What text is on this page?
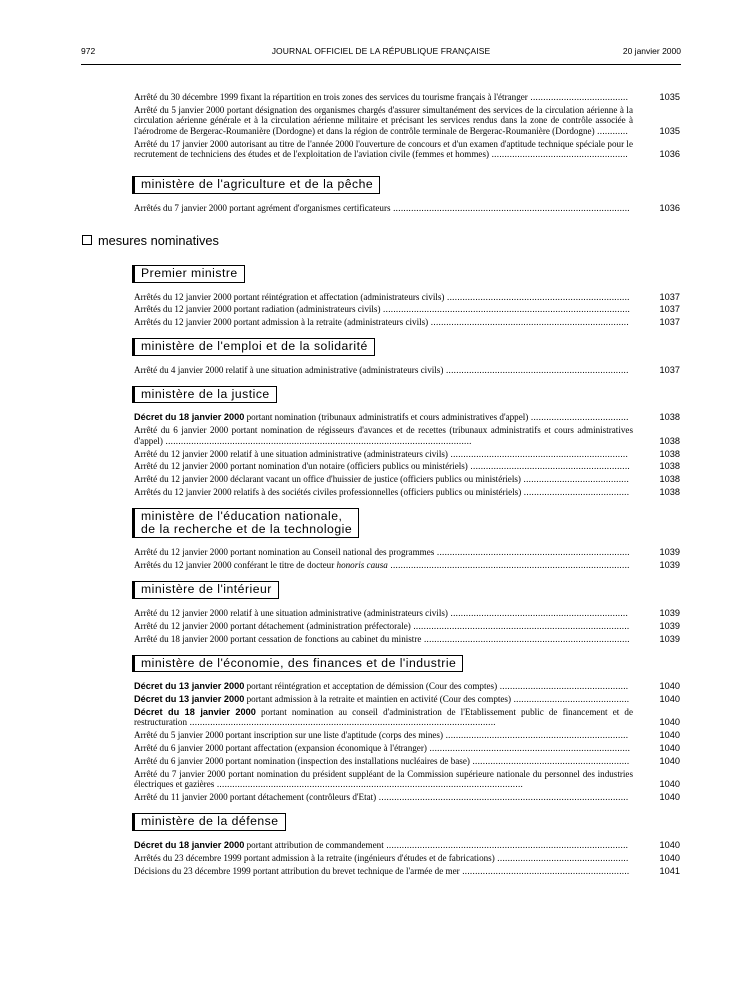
972	JOURNAL OFFICIEL DE LA RÉPUBLIQUE FRANÇAISE	20 janvier 2000
Arrêté du 30 décembre 1999 fixant la répartition en trois zones des services du tourisme français à l'étranger ......................................	1035
Arrêté du 5 janvier 2000 portant désignation des organismes chargés d'assurer simultanément des services de la circulation aérienne à la circulation aérienne générale et à la circulation aérienne militaire et précisant les services rendus dans la zone de contrôle associée à l'aérodrome de Bergerac-Roumanière (Dordogne) et dans la région de contrôle terminale de Bergerac-Roumanière (Dordogne) ............	1035
Arrêté du 17 janvier 2000 autorisant au titre de l'année 2000 l'ouverture de concours et d'un examen d'aptitude technique spéciale pour le recrutement de techniciens des études et de l'exploitation de l'aviation civile (femmes et hommes) .....................................................	1036
ministère de l'agriculture et de la pêche
Arrêtés du 7 janvier 2000 portant agrément d'organismes certificateurs ............................................................................................	1036
mesures nominatives
Premier ministre
Arrêtés du 12 janvier 2000 portant réintégration et affectation (administrateurs civils) .......................................................................	1037
Arrêtés du 12 janvier 2000 portant radiation (administrateurs civils) ................................................................................................	1037
Arrêtés du 12 janvier 2000 portant admission à la retraite (administrateurs civils) .............................................................................	1037
ministère de l'emploi et de la solidarité
Arrêté du 4 janvier 2000 relatif à une situation administrative (administrateurs civils) .......................................................................	1037
ministère de la justice
Décret du 18 janvier 2000 portant nomination (tribunaux administratifs et cours administratives d'appel) ......................................	1038
Arrêté du 6 janvier 2000 portant nomination de régisseurs d'avances et de recettes (tribunaux administratifs et cours administratives d'appel) .......................................................................................................................	1038
Arrêté du 12 janvier 2000 relatif à une situation administrative (administrateurs civils) .....................................................................	1038
Arrêté du 12 janvier 2000 portant nomination d'un notaire (officiers publics ou ministériels) ..............................................................	1038
Arrêté du 12 janvier 2000 déclarant vacant un office d'huissier de justice (officiers publics ou ministériels) .........................................	1038
Arrêtés du 12 janvier 2000 relatifs à des sociétés civiles professionnelles (officiers publics ou ministériels) .........................................	1038
ministère de l'éducation nationale,
de la recherche et de la technologie
Arrêté du 12 janvier 2000 portant nomination au Conseil national des programmes ...........................................................................	1039
Arrêtés du 12 janvier 2000 conférant le titre de docteur honoris causa .............................................................................................	1039
ministère de l'intérieur
Arrêté du 12 janvier 2000 relatif à une situation administrative (administrateurs civils) .....................................................................	1039
Arrêté du 12 janvier 2000 portant détachement (administration préfectorale) ....................................................................................	1039
Arrêté du 18 janvier 2000 portant cessation de fonctions au cabinet du ministre ................................................................................	1039
ministère de l'économie, des finances et de l'industrie
Décret du 13 janvier 2000 portant réintégration et acceptation de démission (Cour des comptes) ..................................................	1040
Décret du 13 janvier 2000 portant admission à la retraite et maintien en activité (Cour des comptes) .............................................	1040
Décret du 18 janvier 2000 portant nomination au conseil d'administration de l'Etablissement public de financement et de restructuration .......................................................................................................................	1040
Arrêté du 5 janvier 2000 portant inscription sur une liste d'aptitude (corps des mines) .......................................................................	1040
Arrêté du 6 janvier 2000 portant affectation (expansion économique à l'étranger) ..............................................................................	1040
Arrêté du 6 janvier 2000 portant nomination (inspection des installations nucléaires de base) .............................................................	1040
Arrêté du 7 janvier 2000 portant nomination du président suppléant de la Commission supérieure nationale du personnel des industries électriques et gazières .......................................................................................................................	1040
Arrêté du 11 janvier 2000 portant détachement (contrôleurs d'Etat) .................................................................................................	1040
ministère de la défense
Décret du 18 janvier 2000 portant attribution de commandement ..............................................................................................	1040
Arrêtés du 23 décembre 1999 portant admission à la retraite (ingénieurs d'études et de fabrications) ...................................................	1040
Décisions du 23 décembre 1999 portant attribution du brevet technique de l'armée de mer .................................................................	1041
